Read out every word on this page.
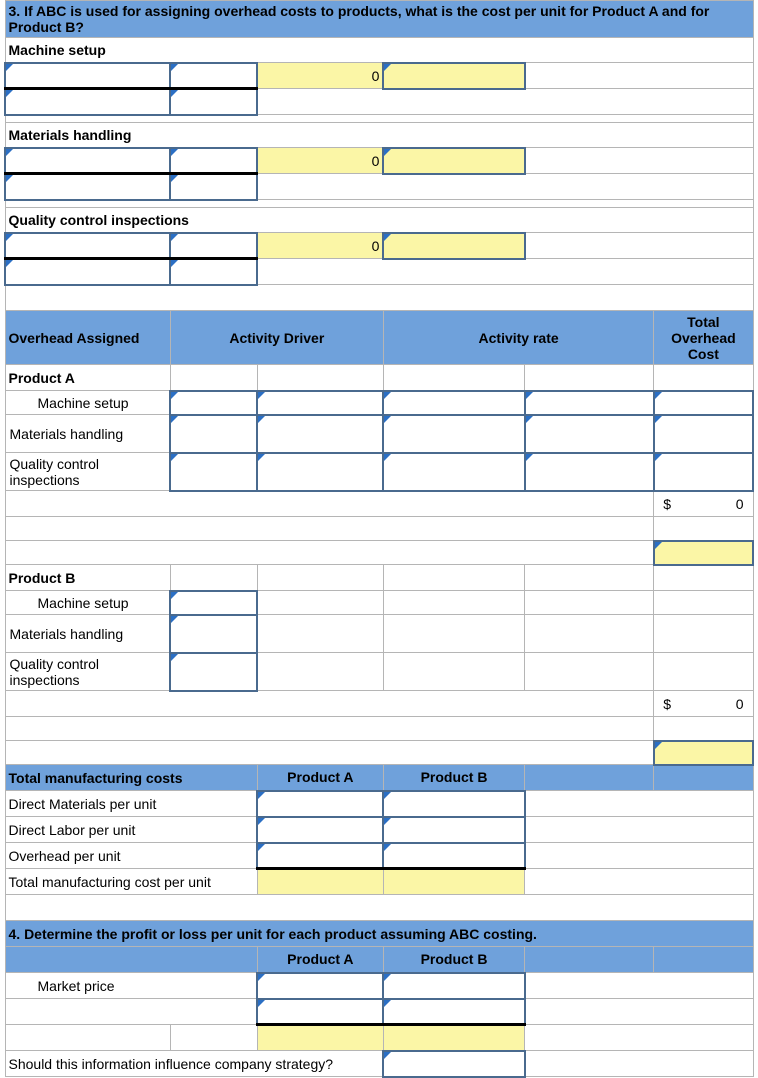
3. If ABC is used for assigning overhead costs to products, what is the cost per unit for Product A and for Product B?					
Machine setup					

		0			

Materials handling					

		0			

Quality control inspections					

		0			

Overhead Assigned	Activity Driver		Activity rate		Total Overhead Cost
Product A					
Machine setup					
Materials handling					
Quality control inspections					

					$ 0

Product B					
Machine setup					
Materials handling					
Quality control inspections					

					$ 0

Total manufacturing costs		Product A	Product B		
Direct Materials per unit					
Direct Labor per unit					
Overhead per unit					
Total manufacturing cost per unit					

4. Determine the profit or loss per unit for each product assuming ABC costing.					
		Product A	Product B		
Market price					

Should this information influence company strategy?					
